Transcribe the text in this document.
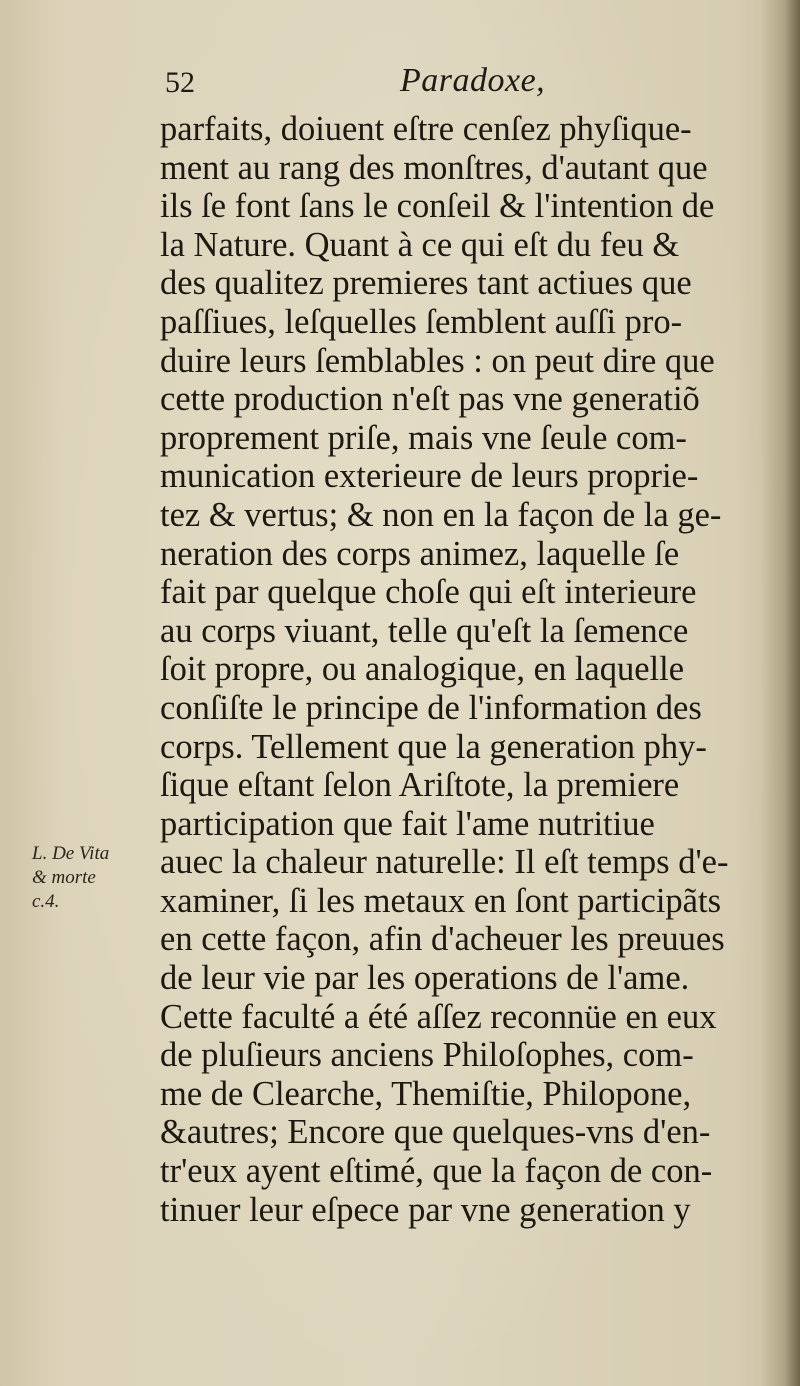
52	Paradoxe,
parfaits, doiuent eſtre cenſez phyſique-
ment au rang des monſtres, d'autant que
ils ſe font ſans le conſeil & l'intention de
la Nature. Quant à ce qui eſt du feu &
des qualitez premieres tant actiues que
paſſiues, leſquelles ſemblent auſſi pro-
duire leurs ſemblables : on peut dire que
cette production n'eſt pas vne generatiõ
proprement priſe, mais vne ſeule com-
munication exterieure de leurs proprie-
tez & vertus; & non en la façon de la ge-
neration des corps animez, laquelle ſe
fait par quelque choſe qui eſt interieure
au corps viuant, telle qu'eſt la ſemence
ſoit propre, ou analogique, en laquelle
conſiſte le principe de l'information des
corps. Tellement que la generation phy-
ſique eſtant ſelon Ariſtote, la premiere
participation que fait l'ame nutritiue
auec la chaleur naturelle: Il eſt temps d'e-
xaminer, ſi les metaux en ſont participãts
en cette façon, afin d'acheuer les preuues
de leur vie par les operations de l'ame.
Cette faculté a été aſſez reconnüe en eux
de pluſieurs anciens Philoſophes, com-
me de Clearche, Themiſtie, Philopone,
&autres; Encore que quelques-vns d'en-
tr'eux ayent eſtimé, que la façon de con-
tinuer leur eſpece par vne generation y
L. De Vita
& morte
c.4.
